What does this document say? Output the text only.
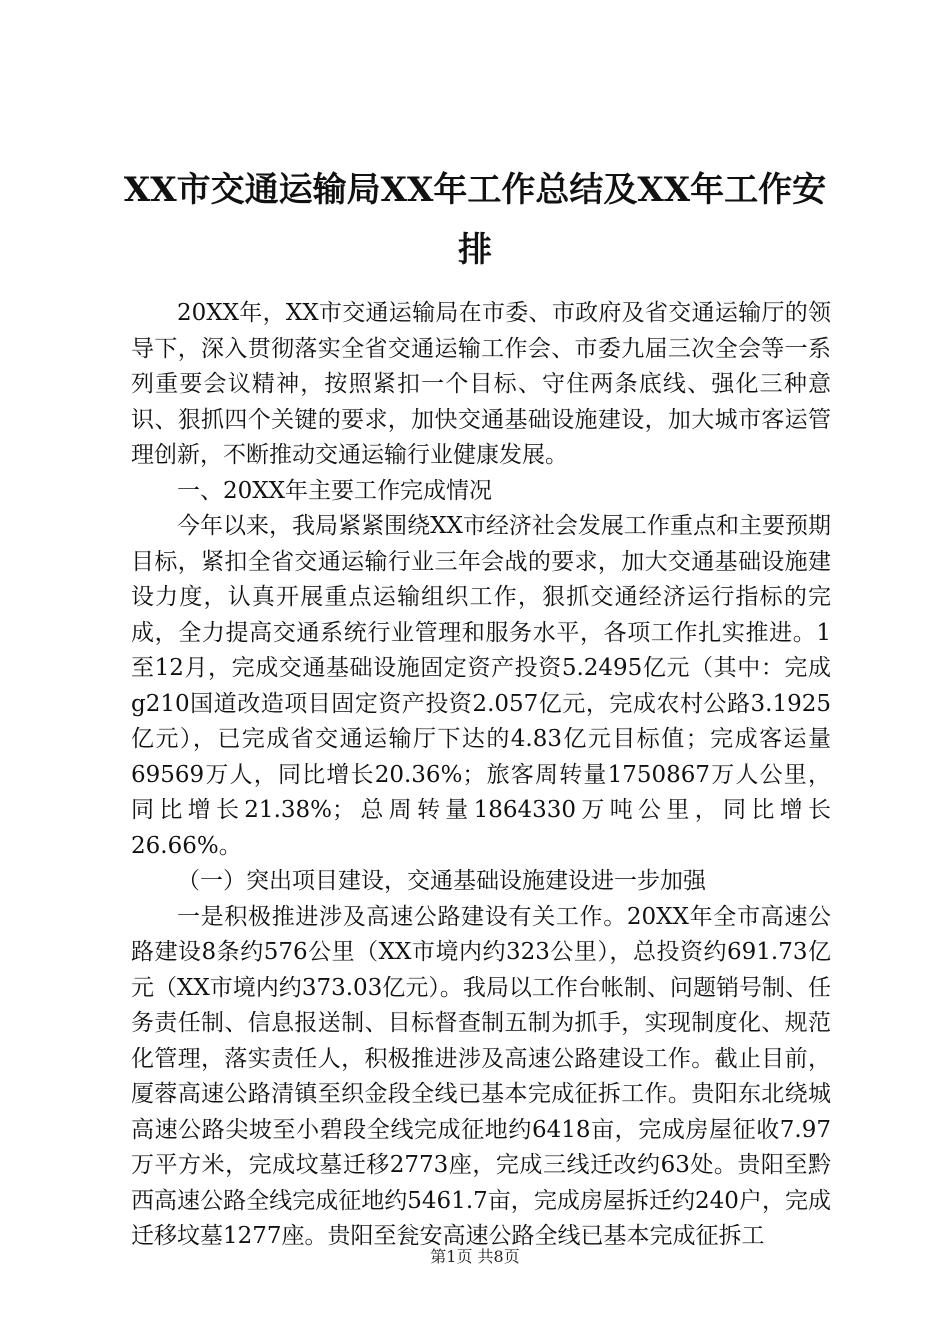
XX市交通运输局XX年工作总结及XX年工作安排

20XX年，XX市交通运输局在市委、市政府及省交通运输厅的领导下，深入贯彻落实全省交通运输工作会、市委九届三次全会等一系列重要会议精神，按照紧扣一个目标、守住两条底线、强化三种意识、狠抓四个关键的要求，加快交通基础设施建设，加大城市客运管理创新，不断推动交通运输行业健康发展。

一、20XX年主要工作完成情况

今年以来，我局紧紧围绕XX市经济社会发展工作重点和主要预期目标，紧扣全省交通运输行业三年会战的要求，加大交通基础设施建设力度，认真开展重点运输组织工作，狠抓交通经济运行指标的完成，全力提高交通系统行业管理和服务水平，各项工作扎实推进。1至12月，完成交通基础设施固定资产投资5.2495亿元（其中：完成g210国道改造项目固定资产投资2.057亿元，完成农村公路3.1925亿元），已完成省交通运输厅下达的4.83亿元目标值；完成客运量69569万人，同比增长20.36%；旅客周转量1750867万人公里，同比增长21.38%；总周转量1864330万吨公里，同比增长26.66%。

（一）突出项目建设，交通基础设施建设进一步加强

一是积极推进涉及高速公路建设有关工作。20XX年全市高速公路建设8条约576公里（XX市境内约323公里），总投资约691.73亿元（XX市境内约373.03亿元）。我局以工作台帐制、问题销号制、任务责任制、信息报送制、目标督查制五制为抓手，实现制度化、规范化管理，落实责任人，积极推进涉及高速公路建设工作。截止目前，厦蓉高速公路清镇至织金段全线已基本完成征拆工作。贵阳东北绕城高速公路尖坡至小碧段全线完成征地约6418亩，完成房屋征收7.97万平方米，完成坟墓迁移2773座，完成三线迁改约63处。贵阳至黔西高速公路全线完成征地约5461.7亩，完成房屋拆迁约240户，完成迁移坟墓1277座。贵阳至瓮安高速公路全线已基本完成征拆工

第1页 共8页
